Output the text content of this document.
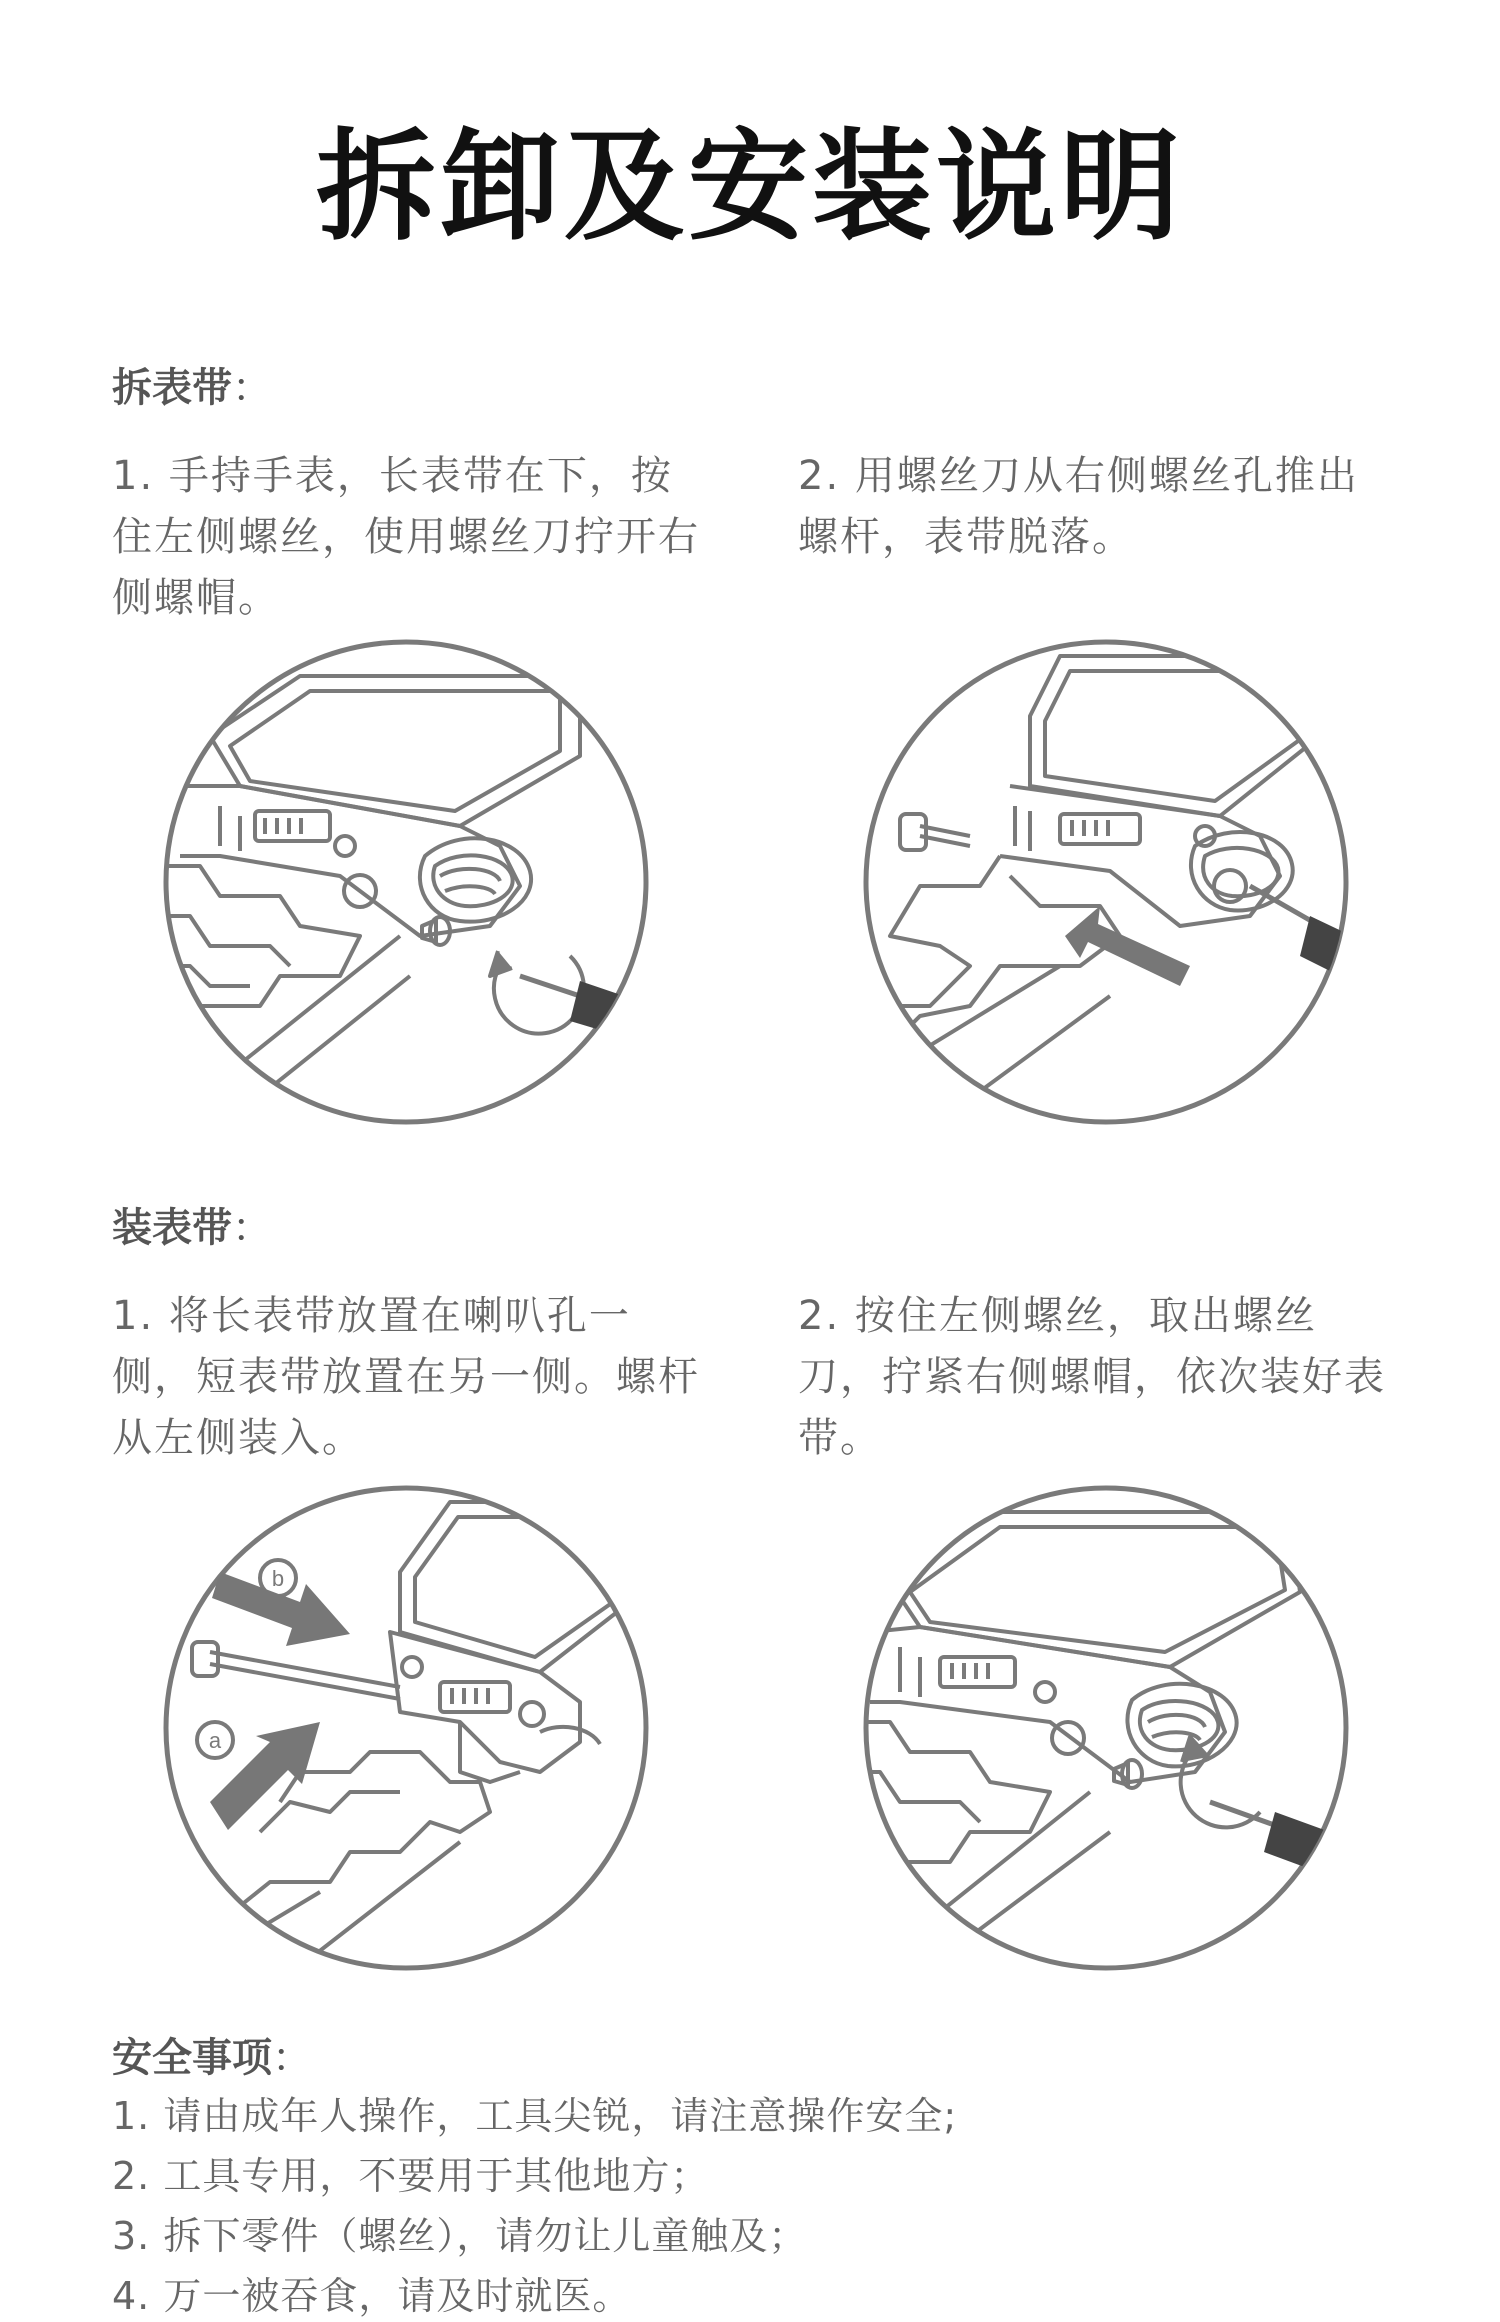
拆卸及安装说明
拆表带：
1. 手持手表，长表带在下，按住左侧螺丝，使用螺丝刀拧开右侧螺帽。
2. 用螺丝刀从右侧螺丝孔推出螺杆，表带脱落。
装表带：
1. 将长表带放置在喇叭孔一侧，短表带放置在另一侧。螺杆从左侧装入。
2. 按住左侧螺丝，取出螺丝刀，拧紧右侧螺帽，依次装好表带。
b
a
安全事项：
1. 请由成年人操作，工具尖锐，请注意操作安全;
2. 工具专用，不要用于其他地方；
3. 拆下零件（螺丝），请勿让儿童触及；
4. 万一被吞食，请及时就医。
